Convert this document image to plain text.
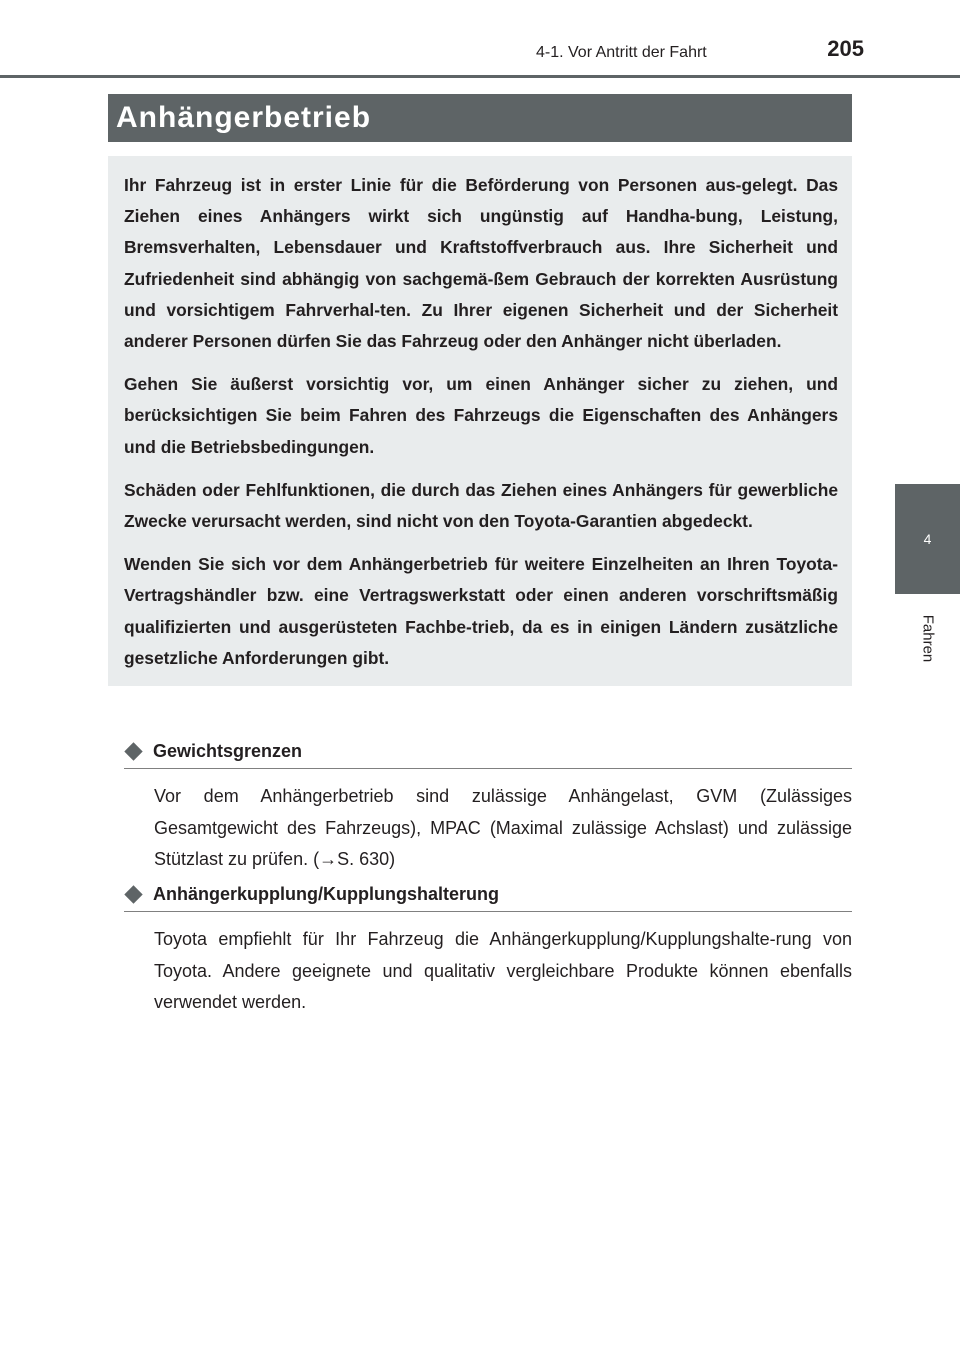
4-1. Vor Antritt der Fahrt	205
4
Fahren
Anhängerbetrieb

Ihr Fahrzeug ist in erster Linie für die Beförderung von Personen aus-gelegt. Das Ziehen eines Anhängers wirkt sich ungünstig auf Handha-bung, Leistung, Bremsverhalten, Lebensdauer und Kraftstoffverbrauch aus. Ihre Sicherheit und Zufriedenheit sind abhängig von sachgemä-ßem Gebrauch der korrekten Ausrüstung und vorsichtigem Fahrverhal-ten. Zu Ihrer eigenen Sicherheit und der Sicherheit anderer Personen dürfen Sie das Fahrzeug oder den Anhänger nicht überladen.

Gehen Sie äußerst vorsichtig vor, um einen Anhänger sicher zu ziehen, und berücksichtigen Sie beim Fahren des Fahrzeugs die Eigenschaften des Anhängers und die Betriebsbedingungen.

Schäden oder Fehlfunktionen, die durch das Ziehen eines Anhängers für gewerbliche Zwecke verursacht werden, sind nicht von den Toyota-Garantien abgedeckt.

Wenden Sie sich vor dem Anhängerbetrieb für weitere Einzelheiten an Ihren Toyota-Vertragshändler bzw. eine Vertragswerkstatt oder einen anderen vorschriftsmäßig qualifizierten und ausgerüsteten Fachbe-trieb, da es in einigen Ländern zusätzliche gesetzliche Anforderungen gibt.

Gewichtsgrenzen
Vor dem Anhängerbetrieb sind zulässige Anhängelast, GVM (Zulässiges Gesamtgewicht des Fahrzeugs), MPAC (Maximal zulässige Achslast) und zulässige Stützlast zu prüfen. (→S. 630)
Anhängerkupplung/Kupplungshalterung
Toyota empfiehlt für Ihr Fahrzeug die Anhängerkupplung/Kupplungshalte-rung von Toyota. Andere geeignete und qualitativ vergleichbare Produkte können ebenfalls verwendet werden.
